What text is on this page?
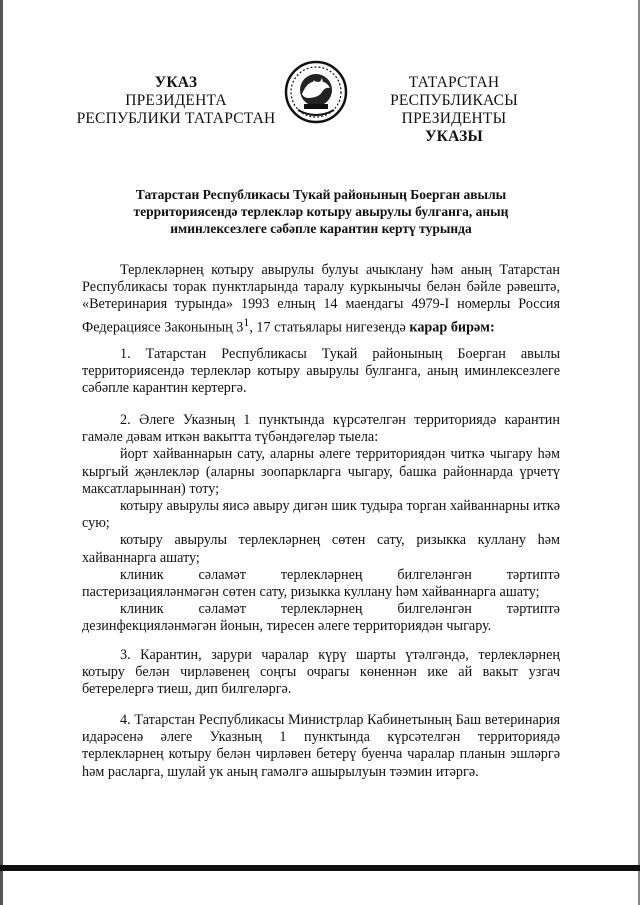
УКАЗ
ПРЕЗИДЕНТА
РЕСПУБЛИКИ ТАТАРСТАН
ТАТАРСТАН РЕСПУБЛИКАСЫ
ПРЕЗИДЕНТЫ
УКАЗЫ
Татарстан Республикасы Тукай районының Боерган авылы
территориясендә терлекләр котыру авырулы булганга, аның
иминлексезлеге сәбәпле карантин кертү турында

Терлекләрнең котыру авырулы булуы ачыклану һәм аның Татарстан Республикасы торак пунктларында таралу куркынычы белән бәйле рәвештә, «Ветеринария турында» 1993 елның 14 маендагы 4979-I номерлы Россия Федерациясе Законының $3^1$, 17 статьялары нигезендә карар бирәм:

1. Татарстан Республикасы Тукай районының Боерган авылы территориясендә терлекләр котыру авырулы булганга, аның иминлексезлеге сәбәпле карантин кертергә.

2. Әлеге Указның 1 пунктында күрсәтелгән территориядә карантин гамәле дәвам иткән вакытта түбәндәгеләр тыела:

йорт хайваннарын сату, аларны әлеге территориядән читкә чыгару һәм кыргый җәнлекләр (аларны зоопаркларга чыгару, башка районнарда үрчетү максатларыннан) тоту;

котыру авырулы яисә авыру дигән шик тудыра торган хайваннарны иткә сую;

котыру авырулы терлекләрнең сөтен сату, ризыкка куллану һәм хайваннарга ашату;

клиник сәламәт терлекләрнең билгеләнгән тәртиптә пастеризацияләнмәгән сөтен сату, ризыкка куллану һәм хайваннарга ашату;

клиник сәламәт терлекләрнең билгеләнгән тәртиптә дезинфекцияләнмәгән йонын, тиресен әлеге территориядән чыгару.

3. Карантин, зарури чаралар күрү шарты үтәлгәндә, терлекләрнең котыру белән чирләвенең соңгы очрагы көненнән ике ай вакыт узгач бетерелергә тиеш, дип билгеләргә.

4. Татарстан Республикасы Министрлар Кабинетының Баш ветеринария идарәсенә әлеге Указның 1 пунктында күрсәтелгән территориядә терлекләрнең котыру белән чирләвен бетерү буенча чаралар планын эшләргә һәм расларга, шулай ук аның гамәлгә ашырылуын тәэмин итәргә.
